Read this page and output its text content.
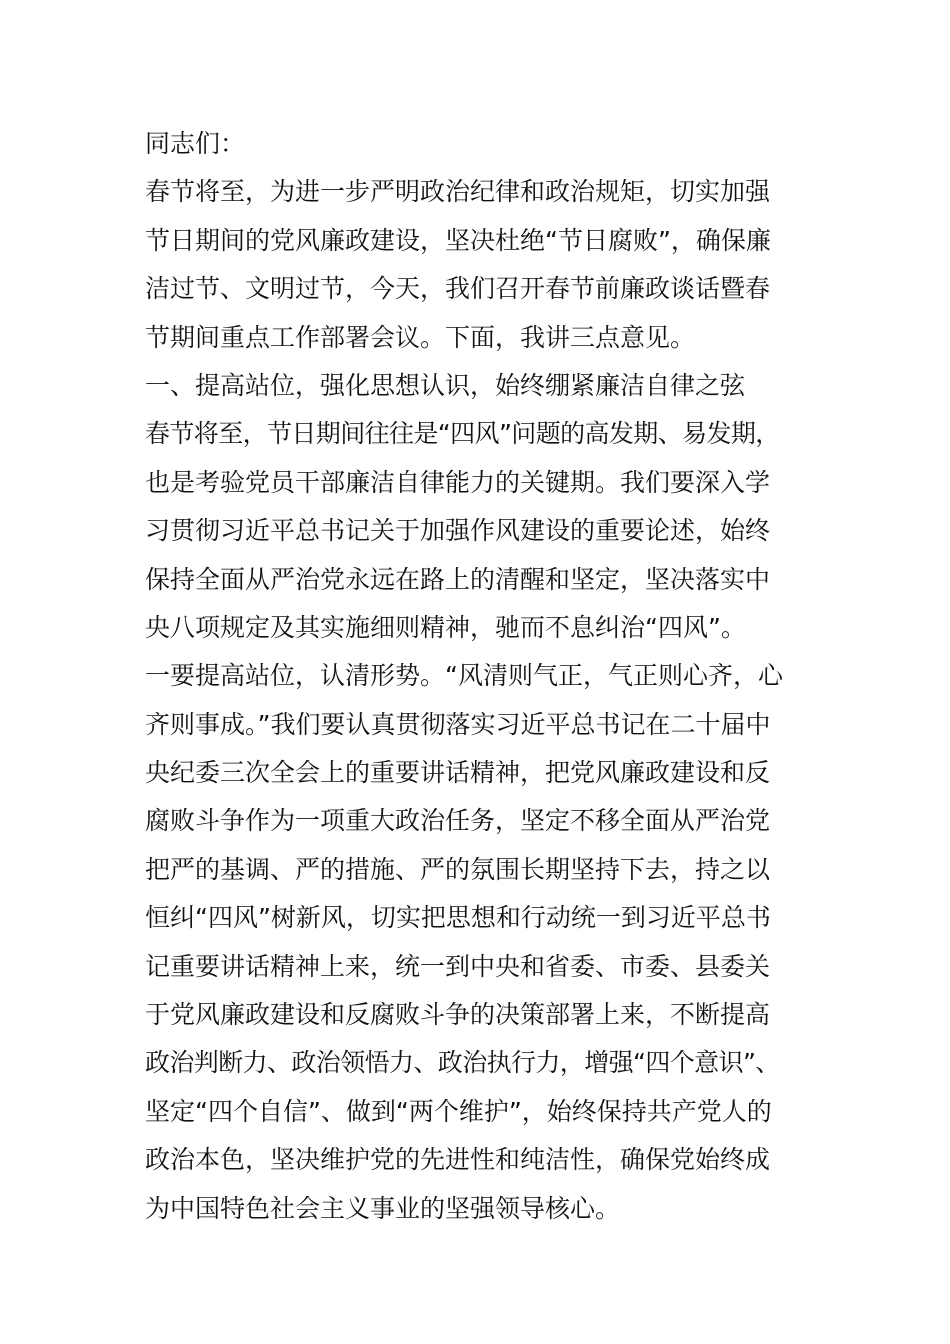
同志们：
春节将至，为进一步严明政治纪律和政治规矩，切实加强
节日期间的党风廉政建设，坚决杜绝“节日腐败”，确保廉
洁过节、文明过节，今天，我们召开春节前廉政谈话暨春
节期间重点工作部署会议。下面，我讲三点意见。
一、提高站位，强化思想认识，始终绷紧廉洁自律之弦
春节将至，节日期间往往是“四风”问题的高发期、易发期，
也是考验党员干部廉洁自律能力的关键期。我们要深入学
习贯彻习近平总书记关于加强作风建设的重要论述，始终
保持全面从严治党永远在路上的清醒和坚定，坚决落实中
央八项规定及其实施细则精神，驰而不息纠治“四风”。
一要提高站位，认清形势。“风清则气正，气正则心齐，心
齐则事成。”我们要认真贯彻落实习近平总书记在二十届中
央纪委三次全会上的重要讲话精神，把党风廉政建设和反
腐败斗争作为一项重大政治任务，坚定不移全面从严治党
把严的基调、严的措施、严的氛围长期坚持下去，持之以
恒纠“四风”树新风，切实把思想和行动统一到习近平总书
记重要讲话精神上来，统一到中央和省委、市委、县委关
于党风廉政建设和反腐败斗争的决策部署上来，不断提高
政治判断力、政治领悟力、政治执行力，增强“四个意识”、
坚定“四个自信”、做到“两个维护”，始终保持共产党人的
政治本色，坚决维护党的先进性和纯洁性，确保党始终成
为中国特色社会主义事业的坚强领导核心。
